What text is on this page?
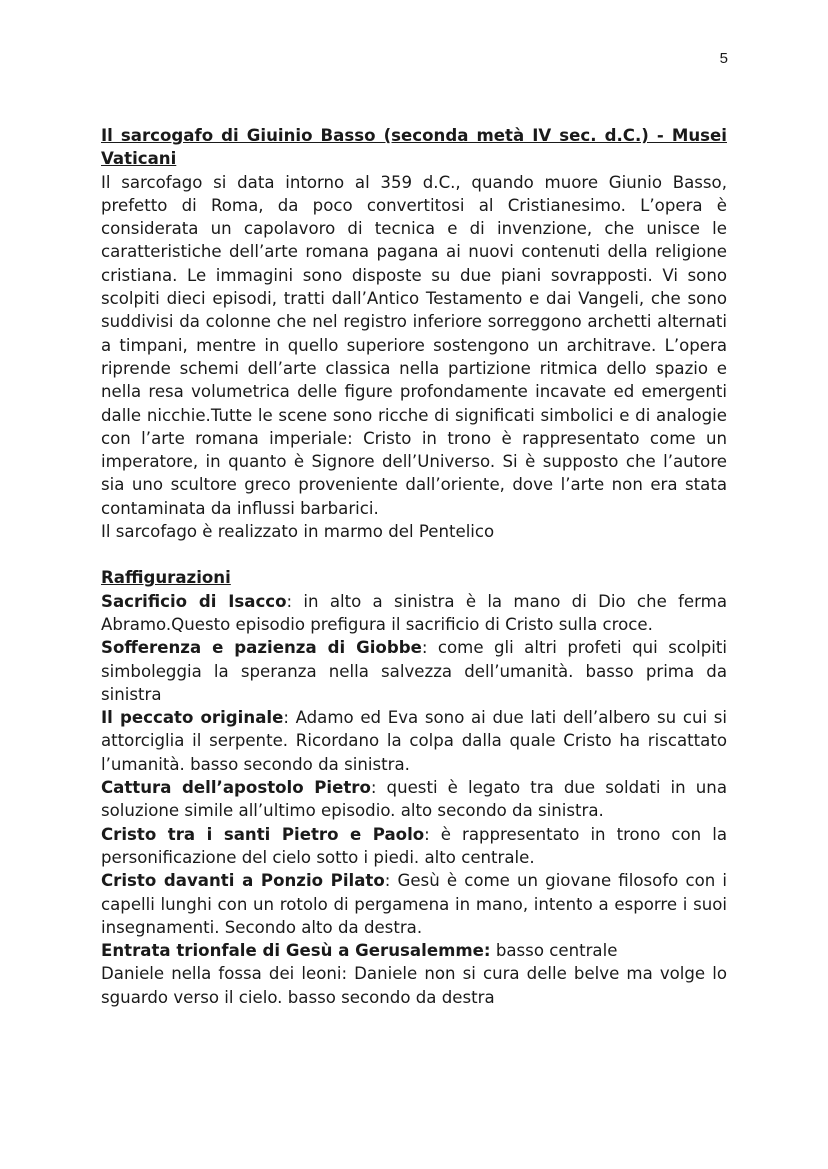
5

Il sarcogafo di Giuinio Basso (seconda metà IV sec. d.C.) - Musei

Vaticani

Il sarcofago si data intorno al 359 d.C., quando muore Giunio Basso, prefetto di Roma, da poco convertitosi al Cristianesimo. L’opera è considerata un capolavoro di tecnica e di invenzione, che unisce le caratteristiche dell’arte romana pagana ai nuovi contenuti della religione cristiana. Le immagini sono disposte su due piani sovrapposti. Vi sono scolpiti dieci episodi, tratti dall’Antico Testamento e dai Vangeli, che sono suddivisi da colonne che nel registro inferiore sorreggono archetti alternati a timpani, mentre in quello superiore sostengono un architrave. L’opera riprende schemi dell’arte classica nella partizione ritmica dello spazio e nella resa volumetrica delle figure profondamente incavate ed emergenti dalle nicchie.Tutte le scene sono ricche di significati simbolici e di analogie con l’arte romana imperiale: Cristo in trono è rappresentato come un imperatore, in quanto è Signore dell’Universo. Si è supposto che l’autore sia uno scultore greco proveniente dall’oriente, dove l’arte non era stata contaminata da influssi barbarici.

Il sarcofago è realizzato in marmo del Pentelico

Raffigurazioni

Sacrificio di Isacco: in alto a sinistra è la mano di Dio che ferma Abramo.Questo episodio prefigura il sacrificio di Cristo sulla croce.

Sofferenza e pazienza di Giobbe: come gli altri profeti qui scolpiti simboleggia la speranza nella salvezza dell’umanità. basso prima da sinistra

Il peccato originale: Adamo ed Eva sono ai due lati dell’albero su cui si attorciglia il serpente. Ricordano la colpa dalla quale Cristo ha riscattato l’umanità. basso secondo da sinistra.

Cattura dell’apostolo Pietro: questi è legato tra due soldati in una soluzione simile all’ultimo episodio. alto secondo da sinistra.

Cristo tra i santi Pietro e Paolo: è rappresentato in trono con la personificazione del cielo sotto i piedi. alto centrale.

Cristo davanti a Ponzio Pilato: Gesù è come un giovane filosofo con i capelli lunghi con un rotolo di pergamena in mano, intento a esporre i suoi insegnamenti. Secondo alto da destra.

Entrata trionfale di Gesù a Gerusalemme: basso centrale

Daniele nella fossa dei leoni: Daniele non si cura delle belve ma volge lo sguardo verso il cielo. basso secondo da destra
